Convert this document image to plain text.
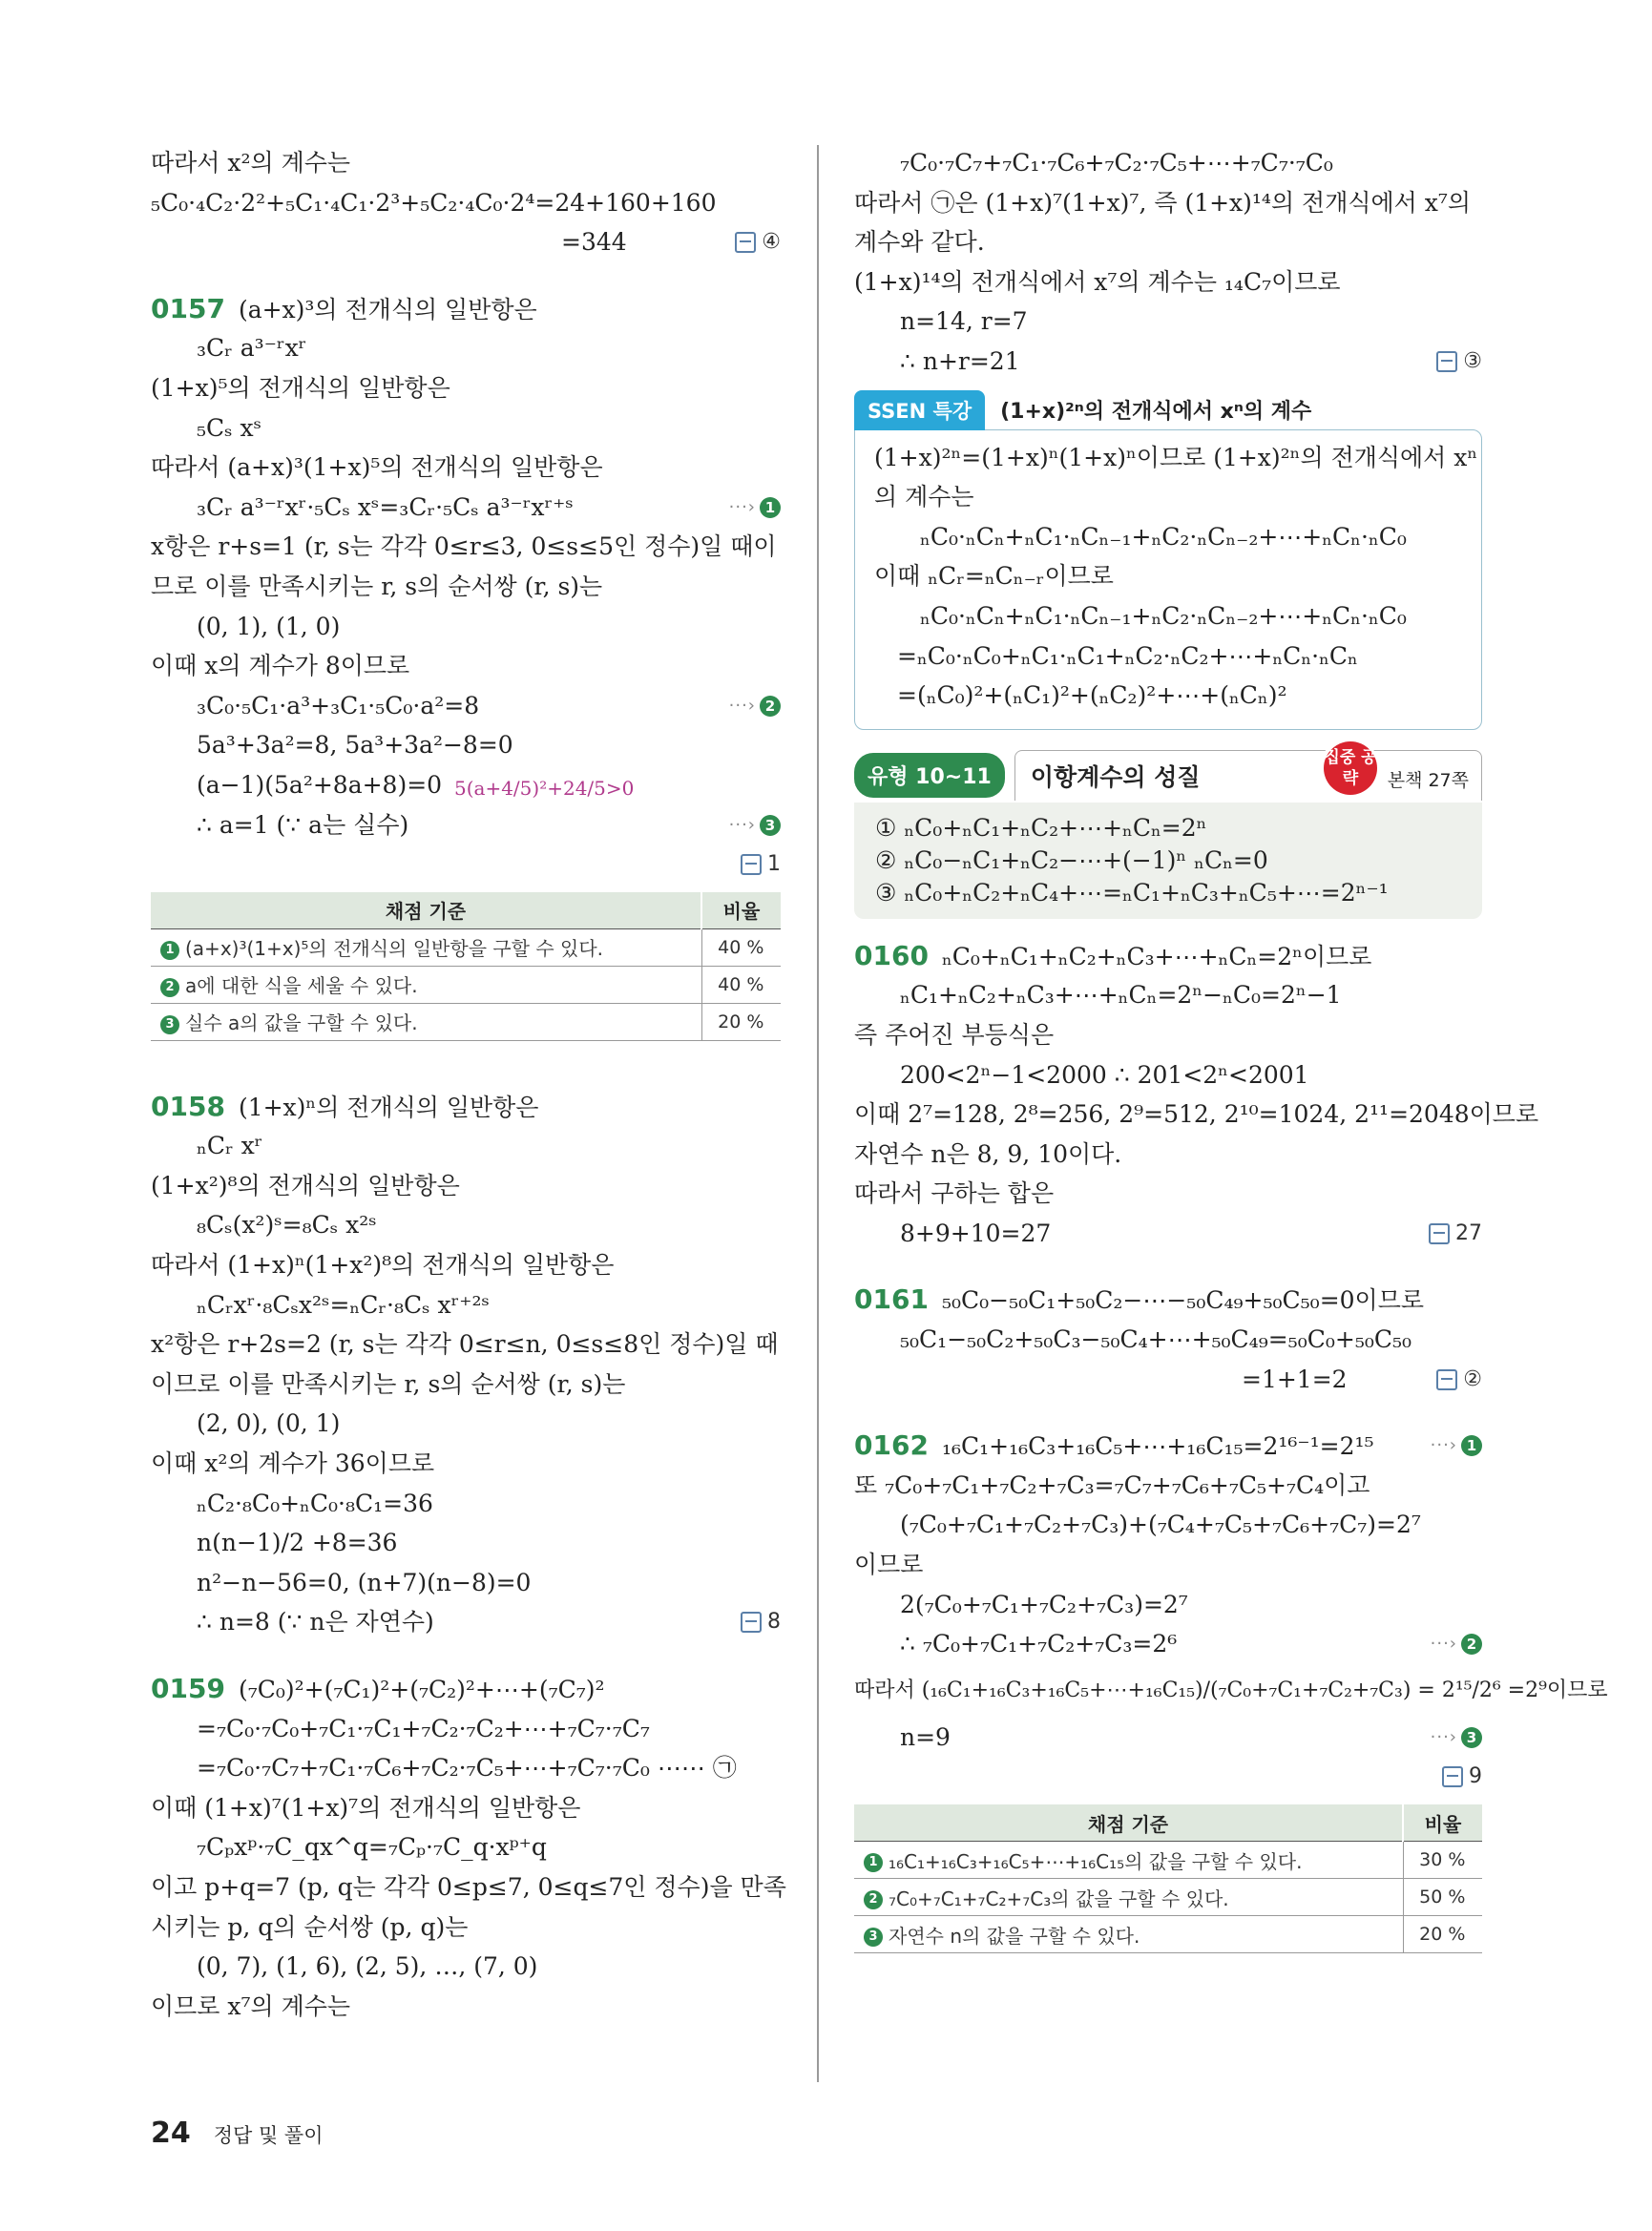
따라서 x²의 계수는
₅C₀·₄C₂·2²+₅C₁·₄C₁·2³+₅C₂·₄C₀·2⁴=24+160+160
=344	④
0157 (a+x)³의 전개식의 일반항은
₃Cᵣ a³⁻ʳxʳ
(1+x)⁵의 전개식의 일반항은
₅Cₛ xˢ
따라서 (a+x)³(1+x)⁵의 전개식의 일반항은
₃Cᵣ a³⁻ʳxʳ·₅Cₛ xˢ=₃Cᵣ·₅Cₛ a³⁻ʳxʳ⁺ˢ	···› 1
x항은 r+s=1 (r, s는 각각 0≤r≤3, 0≤s≤5인 정수)일 때이
므로 이를 만족시키는 r, s의 순서쌍 (r, s)는
(0, 1), (1, 0)
이때 x의 계수가 8이므로
₃C₀·₅C₁·a³+₃C₁·₅C₀·a²=8	···› 2
5a³+3a²=8, 5a³+3a²−8=0
(a−1)(5a²+8a+8)=0 5(a+4/5)²+24/5>0
∴ a=1 (∵ a는 실수)	···› 3
1
채점 기준	비율
1 (a+x)³(1+x)⁵의 전개식의 일반항을 구할 수 있다.	40 %
2 a에 대한 식을 세울 수 있다.	40 %
3 실수 a의 값을 구할 수 있다.	20 %
0158 (1+x)ⁿ의 전개식의 일반항은
ₙCᵣ xʳ
(1+x²)⁸의 전개식의 일반항은
₈Cₛ(x²)ˢ=₈Cₛ x²ˢ
따라서 (1+x)ⁿ(1+x²)⁸의 전개식의 일반항은
ₙCᵣxʳ·₈Cₛx²ˢ=ₙCᵣ·₈Cₛ xʳ⁺²ˢ
x²항은 r+2s=2 (r, s는 각각 0≤r≤n, 0≤s≤8인 정수)일 때
이므로 이를 만족시키는 r, s의 순서쌍 (r, s)는
(2, 0), (0, 1)
이때 x²의 계수가 36이므로
ₙC₂·₈C₀+ₙC₀·₈C₁=36
n(n−1)/2 +8=36
n²−n−56=0, (n+7)(n−8)=0
∴ n=8 (∵ n은 자연수)	8
0159 (₇C₀)²+(₇C₁)²+(₇C₂)²+⋯+(₇C₇)²
=₇C₀·₇C₀+₇C₁·₇C₁+₇C₂·₇C₂+⋯+₇C₇·₇C₇
=₇C₀·₇C₇+₇C₁·₇C₆+₇C₂·₇C₅+⋯+₇C₇·₇C₀ ⋯⋯ ㉠
이때 (1+x)⁷(1+x)⁷의 전개식의 일반항은
₇Cₚxᵖ·₇C_qx^q=₇Cₚ·₇C_q·xᵖ⁺q
이고 p+q=7 (p, q는 각각 0≤p≤7, 0≤q≤7인 정수)을 만족
시키는 p, q의 순서쌍 (p, q)는
(0, 7), (1, 6), (2, 5), …, (7, 0)
이므로 x⁷의 계수는
₇C₀·₇C₇+₇C₁·₇C₆+₇C₂·₇C₅+⋯+₇C₇·₇C₀
따라서 ㉠은 (1+x)⁷(1+x)⁷, 즉 (1+x)¹⁴의 전개식에서 x⁷의
계수와 같다.
(1+x)¹⁴의 전개식에서 x⁷의 계수는 ₁₄C₇이므로
n=14, r=7
∴ n+r=21	③
SSEN 특강	(1+x)²ⁿ의 전개식에서 xⁿ의 계수
(1+x)²ⁿ=(1+x)ⁿ(1+x)ⁿ이므로 (1+x)²ⁿ의 전개식에서 xⁿ
의 계수는
ₙC₀·ₙCₙ+ₙC₁·ₙCₙ₋₁+ₙC₂·ₙCₙ₋₂+⋯+ₙCₙ·ₙC₀
이때 ₙCᵣ=ₙCₙ₋ᵣ이므로
ₙC₀·ₙCₙ+ₙC₁·ₙCₙ₋₁+ₙC₂·ₙCₙ₋₂+⋯+ₙCₙ·ₙC₀
=ₙC₀·ₙC₀+ₙC₁·ₙC₁+ₙC₂·ₙC₂+⋯+ₙCₙ·ₙCₙ
=(ₙC₀)²+(ₙC₁)²+(ₙC₂)²+⋯+(ₙCₙ)²
유형 10~11	이항계수의 성질
집중 공략	본책 27쪽
① ₙC₀+ₙC₁+ₙC₂+⋯+ₙCₙ=2ⁿ
② ₙC₀−ₙC₁+ₙC₂−⋯+(−1)ⁿ ₙCₙ=0
③ ₙC₀+ₙC₂+ₙC₄+⋯=ₙC₁+ₙC₃+ₙC₅+⋯=2ⁿ⁻¹
0160 ₙC₀+ₙC₁+ₙC₂+ₙC₃+⋯+ₙCₙ=2ⁿ이므로
ₙC₁+ₙC₂+ₙC₃+⋯+ₙCₙ=2ⁿ−ₙC₀=2ⁿ−1
즉 주어진 부등식은
200<2ⁿ−1<2000 ∴ 201<2ⁿ<2001
이때 2⁷=128, 2⁸=256, 2⁹=512, 2¹⁰=1024, 2¹¹=2048이므로
자연수 n은 8, 9, 10이다.
따라서 구하는 합은
8+9+10=27	27
0161 ₅₀C₀−₅₀C₁+₅₀C₂−⋯−₅₀C₄₉+₅₀C₅₀=0이므로
₅₀C₁−₅₀C₂+₅₀C₃−₅₀C₄+⋯+₅₀C₄₉=₅₀C₀+₅₀C₅₀
=1+1=2	②
0162 ₁₆C₁+₁₆C₃+₁₆C₅+⋯+₁₆C₁₅=2¹⁶⁻¹=2¹⁵	···› 1
또 ₇C₀+₇C₁+₇C₂+₇C₃=₇C₇+₇C₆+₇C₅+₇C₄이고
(₇C₀+₇C₁+₇C₂+₇C₃)+(₇C₄+₇C₅+₇C₆+₇C₇)=2⁷
이므로
2(₇C₀+₇C₁+₇C₂+₇C₃)=2⁷
∴ ₇C₀+₇C₁+₇C₂+₇C₃=2⁶	···› 2
따라서 (₁₆C₁+₁₆C₃+₁₆C₅+⋯+₁₆C₁₅)/(₇C₀+₇C₁+₇C₂+₇C₃) = 2¹⁵/2⁶ =2⁹이므로
n=9	···› 3
9
채점 기준	비율
1 ₁₆C₁+₁₆C₃+₁₆C₅+⋯+₁₆C₁₅의 값을 구할 수 있다.	30 %
2 ₇C₀+₇C₁+₇C₂+₇C₃의 값을 구할 수 있다.	50 %
3 자연수 n의 값을 구할 수 있다.	20 %
24 정답 및 풀이
